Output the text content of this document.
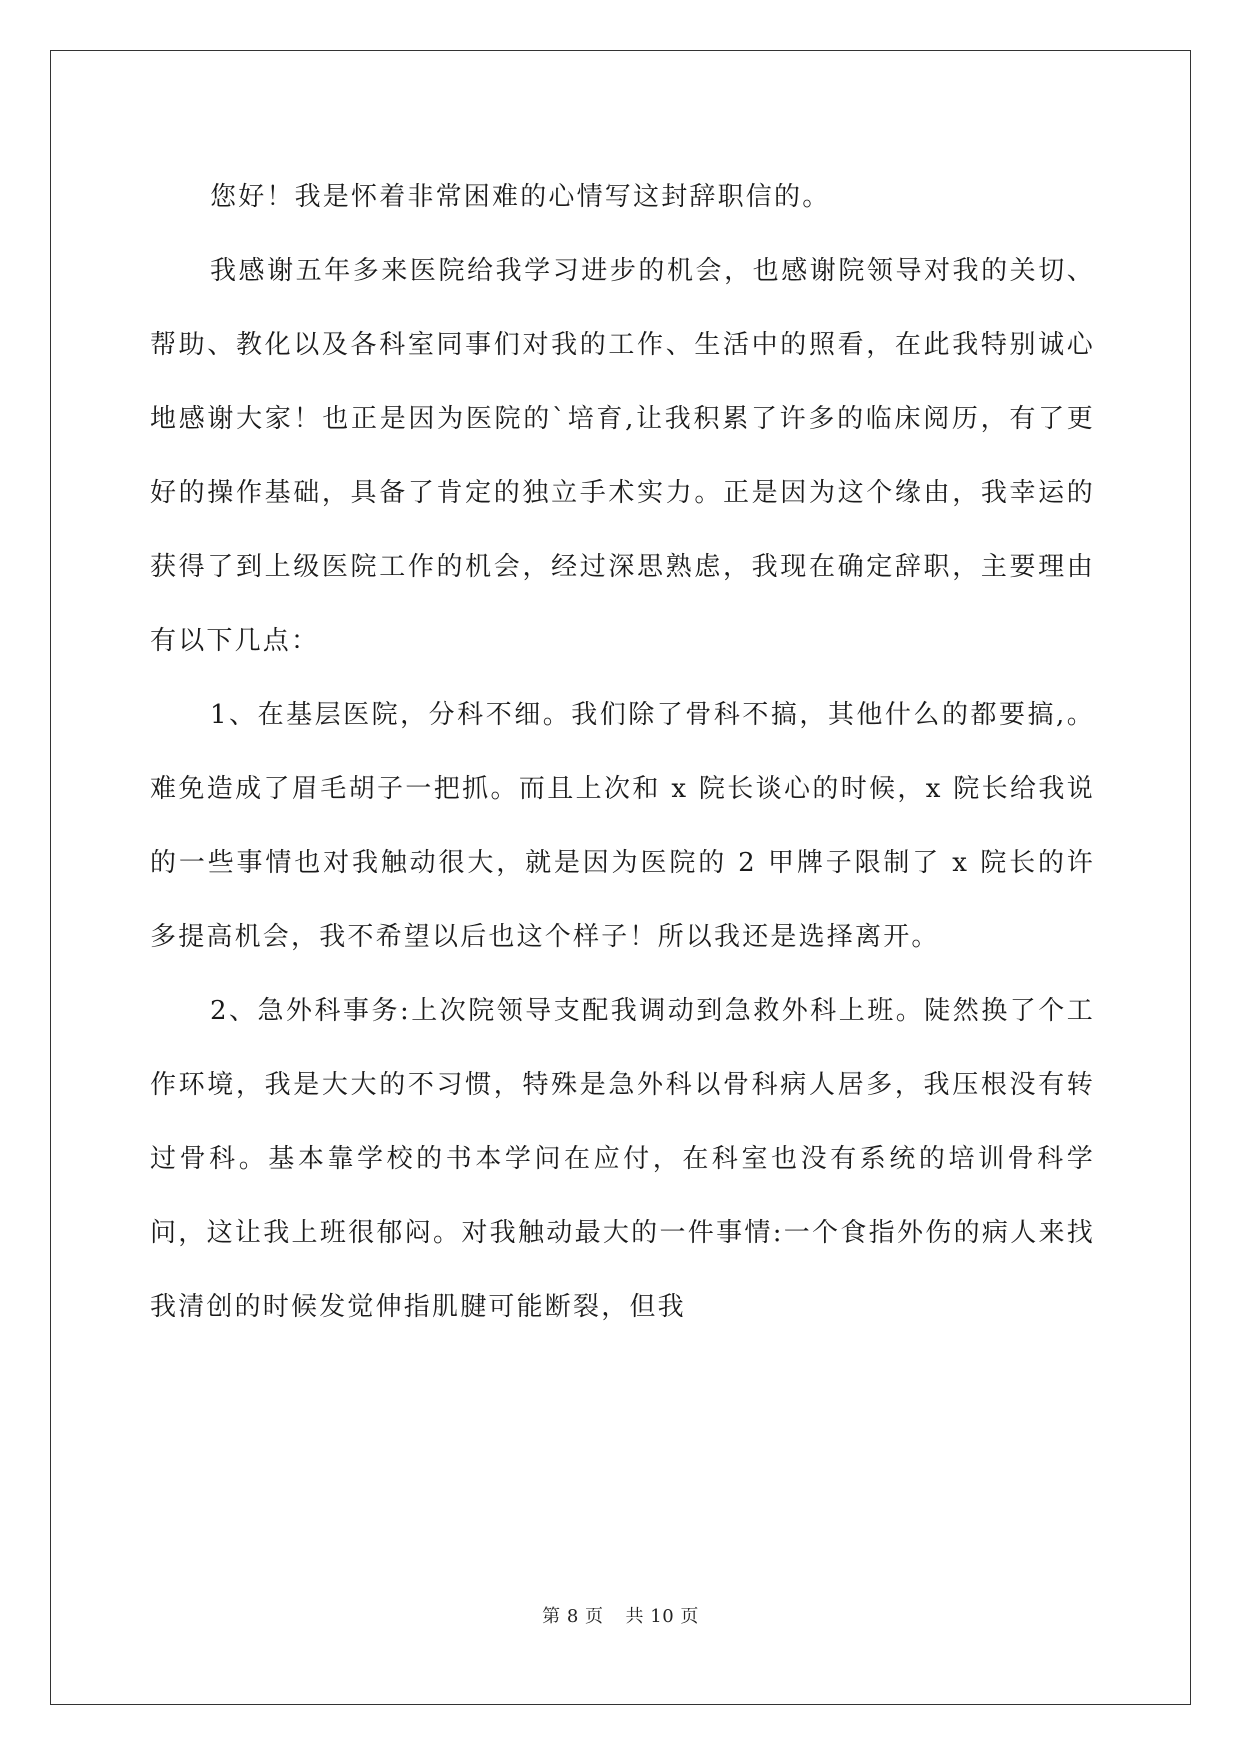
您好！我是怀着非常困难的心情写这封辞职信的。

我感谢五年多来医院给我学习进步的机会，也感谢院领导对我的关切、帮助、教化以及各科室同事们对我的工作、生活中的照看，在此我特别诚心地感谢大家！也正是因为医院的`培育,让我积累了许多的临床阅历，有了更好的操作基础，具备了肯定的独立手术实力。正是因为这个缘由，我幸运的获得了到上级医院工作的机会，经过深思熟虑，我现在确定辞职，主要理由有以下几点：

1、在基层医院，分科不细。我们除了骨科不搞，其他什么的都要搞,。难免造成了眉毛胡子一把抓。而且上次和 x 院长谈心的时候，x 院长给我说的一些事情也对我触动很大，就是因为医院的 2 甲牌子限制了 x 院长的许多提高机会，我不希望以后也这个样子！所以我还是选择离开。

2、急外科事务:上次院领导支配我调动到急救外科上班。陡然换了个工作环境，我是大大的不习惯，特殊是急外科以骨科病人居多，我压根没有转过骨科。基本靠学校的书本学问在应付，在科室也没有系统的培训骨科学问，这让我上班很郁闷。对我触动最大的一件事情:一个食指外伤的病人来找我清创的时候发觉伸指肌腱可能断裂，但我

第 8 页 共 10 页
